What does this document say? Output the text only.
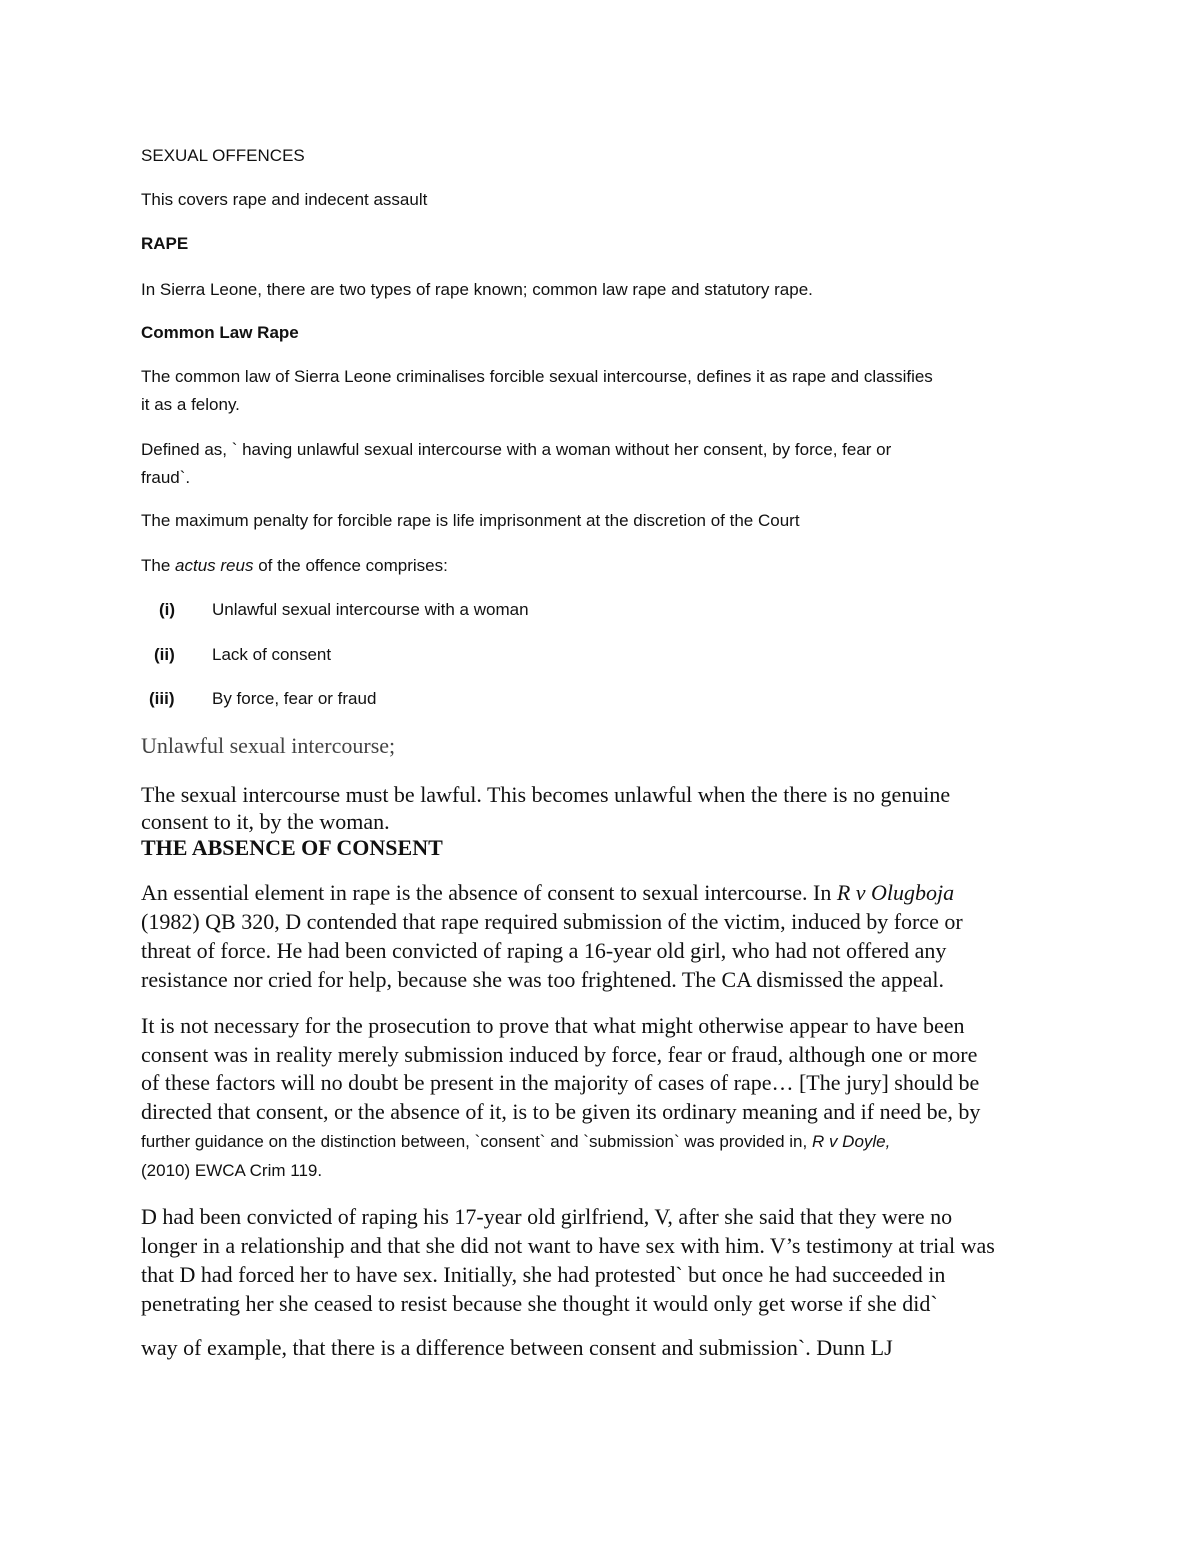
SEXUAL OFFENCES

This covers rape and indecent assault

RAPE

In Sierra Leone, there are two types of rape known; common law rape and statutory rape.

Common Law Rape

The common law of Sierra Leone criminalises forcible sexual intercourse, defines it as rape and classifies

it as a felony.

Defined as, ` having unlawful sexual intercourse with a woman without her consent, by force, fear or

fraud`.

The maximum penalty for forcible rape is life imprisonment at the discretion of the Court

The actus reus of the offence comprises:

(i) Unlawful sexual intercourse with a woman
(ii) Lack of consent
(iii) By force, fear or fraud

Unlawful sexual intercourse;

The sexual intercourse must be lawful. This becomes unlawful when the there is no genuine

consent to it, by the woman.

THE ABSENCE OF CONSENT

An essential element in rape is the absence of consent to sexual intercourse. In R v Olugboja

(1982) QB 320, D contended that rape required submission of the victim, induced by force or

threat of force. He had been convicted of raping a 16-year old girl, who had not offered any

resistance nor cried for help, because she was too frightened. The CA dismissed the appeal.

It is not necessary for the prosecution to prove that what might otherwise appear to have been

consent was in reality merely submission induced by force, fear or fraud, although one or more

of these factors will no doubt be present in the majority of cases of rape… [The jury] should be

directed that consent, or the absence of it, is to be given its ordinary meaning and if need be, by

further guidance on the distinction between, `consent` and `submission` was provided in, R v Doyle,

(2010) EWCA Crim 119.

D had been convicted of raping his 17-year old girlfriend, V, after she said that they were no

longer in a relationship and that she did not want to have sex with him. V’s testimony at trial was

that D had forced her to have sex. Initially, she had protested` but once he had succeeded in

penetrating her she ceased to resist because she thought it would only get worse if she did`

way of example, that there is a difference between consent and submission`. Dunn LJ
